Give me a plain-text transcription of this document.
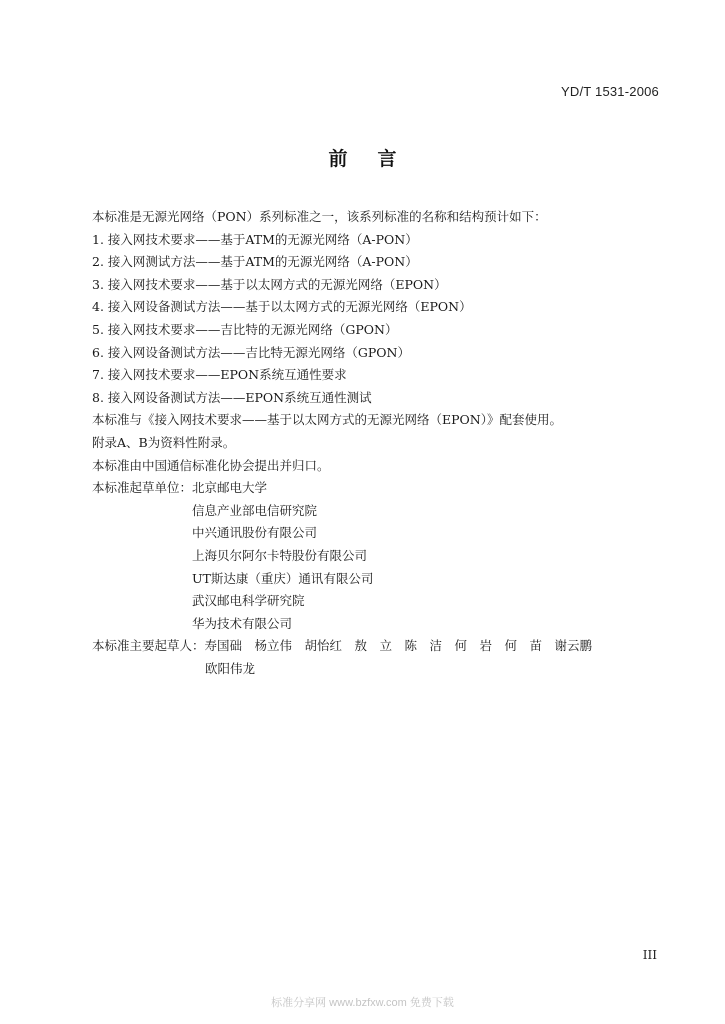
YD/T 1531-2006
前言
本标准是无源光网络（PON）系列标准之一，该系列标准的名称和结构预计如下：
1. 接入网技术要求——基于ATM的无源光网络（A-PON）
2. 接入网测试方法——基于ATM的无源光网络（A-PON）
3. 接入网技术要求——基于以太网方式的无源光网络（EPON）
4. 接入网设备测试方法——基于以太网方式的无源光网络（EPON）
5. 接入网技术要求——吉比特的无源光网络（GPON）
6. 接入网设备测试方法——吉比特无源光网络（GPON）
7. 接入网技术要求——EPON系统互通性要求
8. 接入网设备测试方法——EPON系统互通性测试
本标准与《接入网技术要求——基于以太网方式的无源光网络（EPON）》配套使用。
附录A、B为资料性附录。
本标准由中国通信标准化协会提出并归口。
本标准起草单位：北京邮电大学
信息产业部电信研究院
中兴通讯股份有限公司
上海贝尔阿尔卡特股份有限公司
UT斯达康（重庆）通讯有限公司
武汉邮电科学研究院
华为技术有限公司
本标准主要起草人： 寿国础　杨立伟　胡怡红　敖　立　陈　洁　何　岩　何　苗　谢云鹏
欧阳伟龙
III
标准分享网 www.bzfxw.com 免费下载
